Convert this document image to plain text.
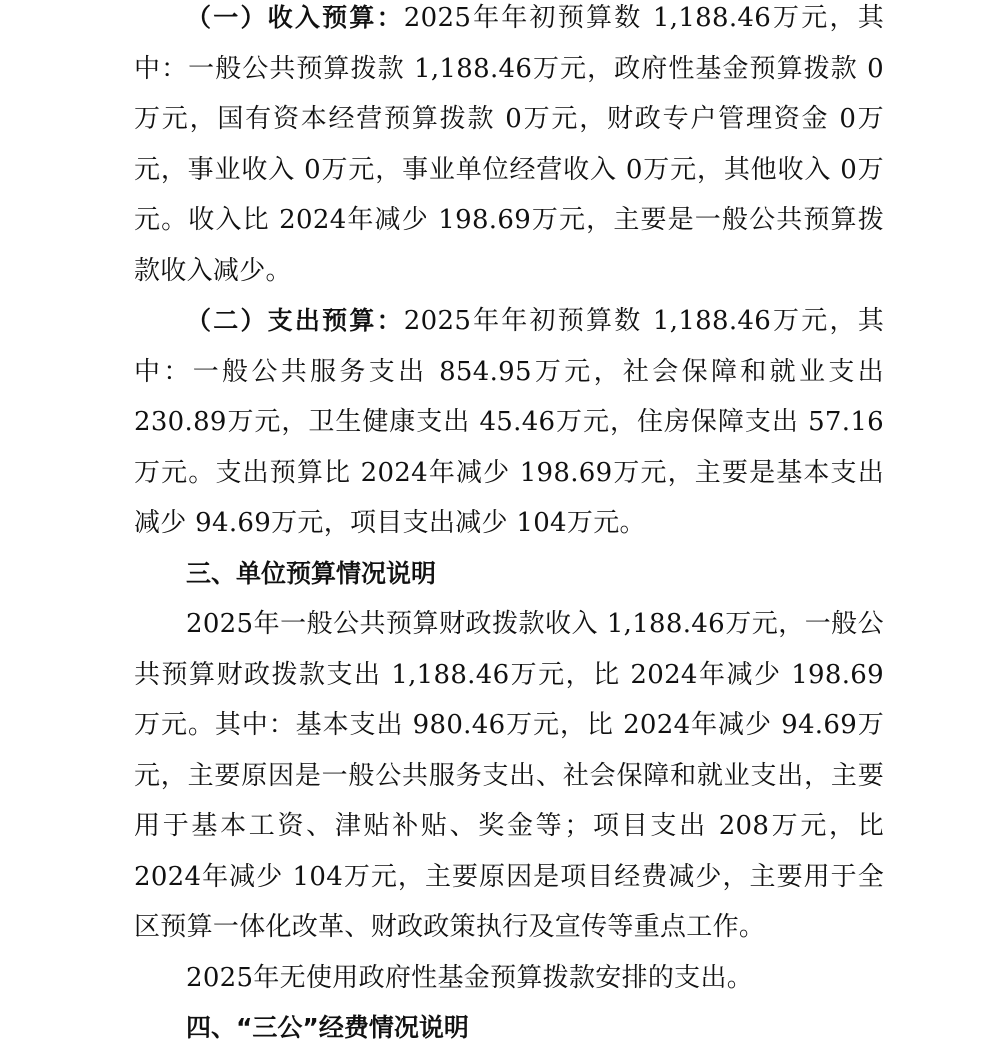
（一）收入预算：2025年年初预算数 1,188.46万元，其中：一般公共预算拨款 1,188.46万元，政府性基金预算拨款 0万元，国有资本经营预算拨款 0万元，财政专户管理资金 0万元，事业收入 0万元，事业单位经营收入 0万元，其他收入 0万元。收入比 2024年减少 198.69万元，主要是一般公共预算拨款收入减少。

（二）支出预算：2025年年初预算数 1,188.46万元，其中：一般公共服务支出 854.95万元，社会保障和就业支出 230.89万元，卫生健康支出 45.46万元，住房保障支出 57.16万元。支出预算比 2024年减少 198.69万元，主要是基本支出减少 94.69万元，项目支出减少 104万元。

三、单位预算情况说明

2025年一般公共预算财政拨款收入 1,188.46万元，一般公共预算财政拨款支出 1,188.46万元，比 2024年减少 198.69万元。其中：基本支出 980.46万元，比 2024年减少 94.69万元，主要原因是一般公共服务支出、社会保障和就业支出，主要用于基本工资、津贴补贴、奖金等；项目支出 208万元，比 2024年减少 104万元，主要原因是项目经费减少，主要用于全区预算一体化改革、财政政策执行及宣传等重点工作。

2025年无使用政府性基金预算拨款安排的支出。

四、“三公”经费情况说明
